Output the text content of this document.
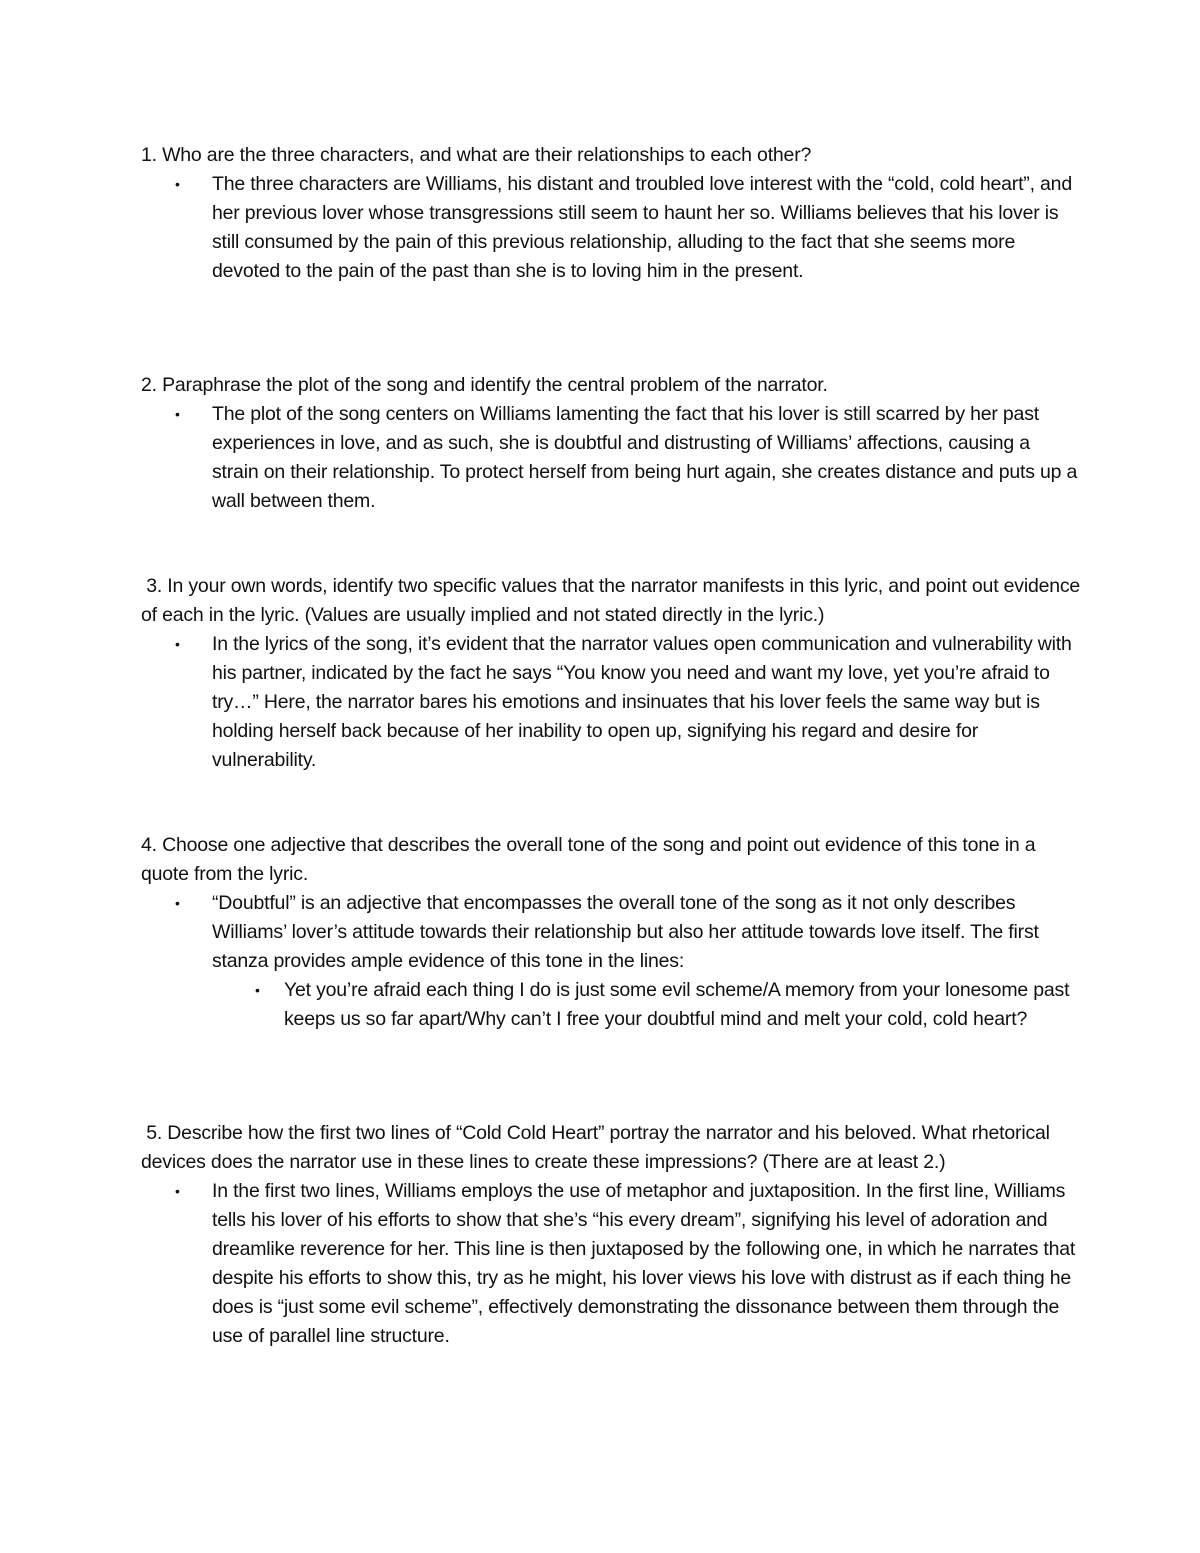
1. Who are the three characters, and what are their relationships to each other?

• The three characters are Williams, his distant and troubled love interest with the “cold, cold heart”, and her previous lover whose transgressions still seem to haunt her so. Williams believes that his lover is still consumed by the pain of this previous relationship, alluding to the fact that she seems more devoted to the pain of the past than she is to loving him in the present.

2. Paraphrase the plot of the song and identify the central problem of the narrator.

• The plot of the song centers on Williams lamenting the fact that his lover is still scarred by her past experiences in love, and as such, she is doubtful and distrusting of Williams’ affections, causing a strain on their relationship. To protect herself from being hurt again, she creates distance and puts up a wall between them.

3. In your own words, identify two specific values that the narrator manifests in this lyric, and point out evidence of each in the lyric. (Values are usually implied and not stated directly in the lyric.)

• In the lyrics of the song, it’s evident that the narrator values open communication and vulnerability with his partner, indicated by the fact he says “You know you need and want my love, yet you’re afraid to try…” Here, the narrator bares his emotions and insinuates that his lover feels the same way but is holding herself back because of her inability to open up, signifying his regard and desire for vulnerability.

4. Choose one adjective that describes the overall tone of the song and point out evidence of this tone in a quote from the lyric.

• “Doubtful” is an adjective that encompasses the overall tone of the song as it not only describes Williams’ lover’s attitude towards their relationship but also her attitude towards love itself. The first stanza provides ample evidence of this tone in the lines:

• Yet you’re afraid each thing I do is just some evil scheme/A memory from your lonesome past keeps us so far apart/Why can’t I free your doubtful mind and melt your cold, cold heart?

5. Describe how the first two lines of “Cold Cold Heart” portray the narrator and his beloved. What rhetorical devices does the narrator use in these lines to create these impressions? (There are at least 2.)

• In the first two lines, Williams employs the use of metaphor and juxtaposition. In the first line, Williams tells his lover of his efforts to show that she’s “his every dream”, signifying his level of adoration and dreamlike reverence for her. This line is then juxtaposed by the following one, in which he narrates that despite his efforts to show this, try as he might, his lover views his love with distrust as if each thing he does is “just some evil scheme”, effectively demonstrating the dissonance between them through the use of parallel line structure.
